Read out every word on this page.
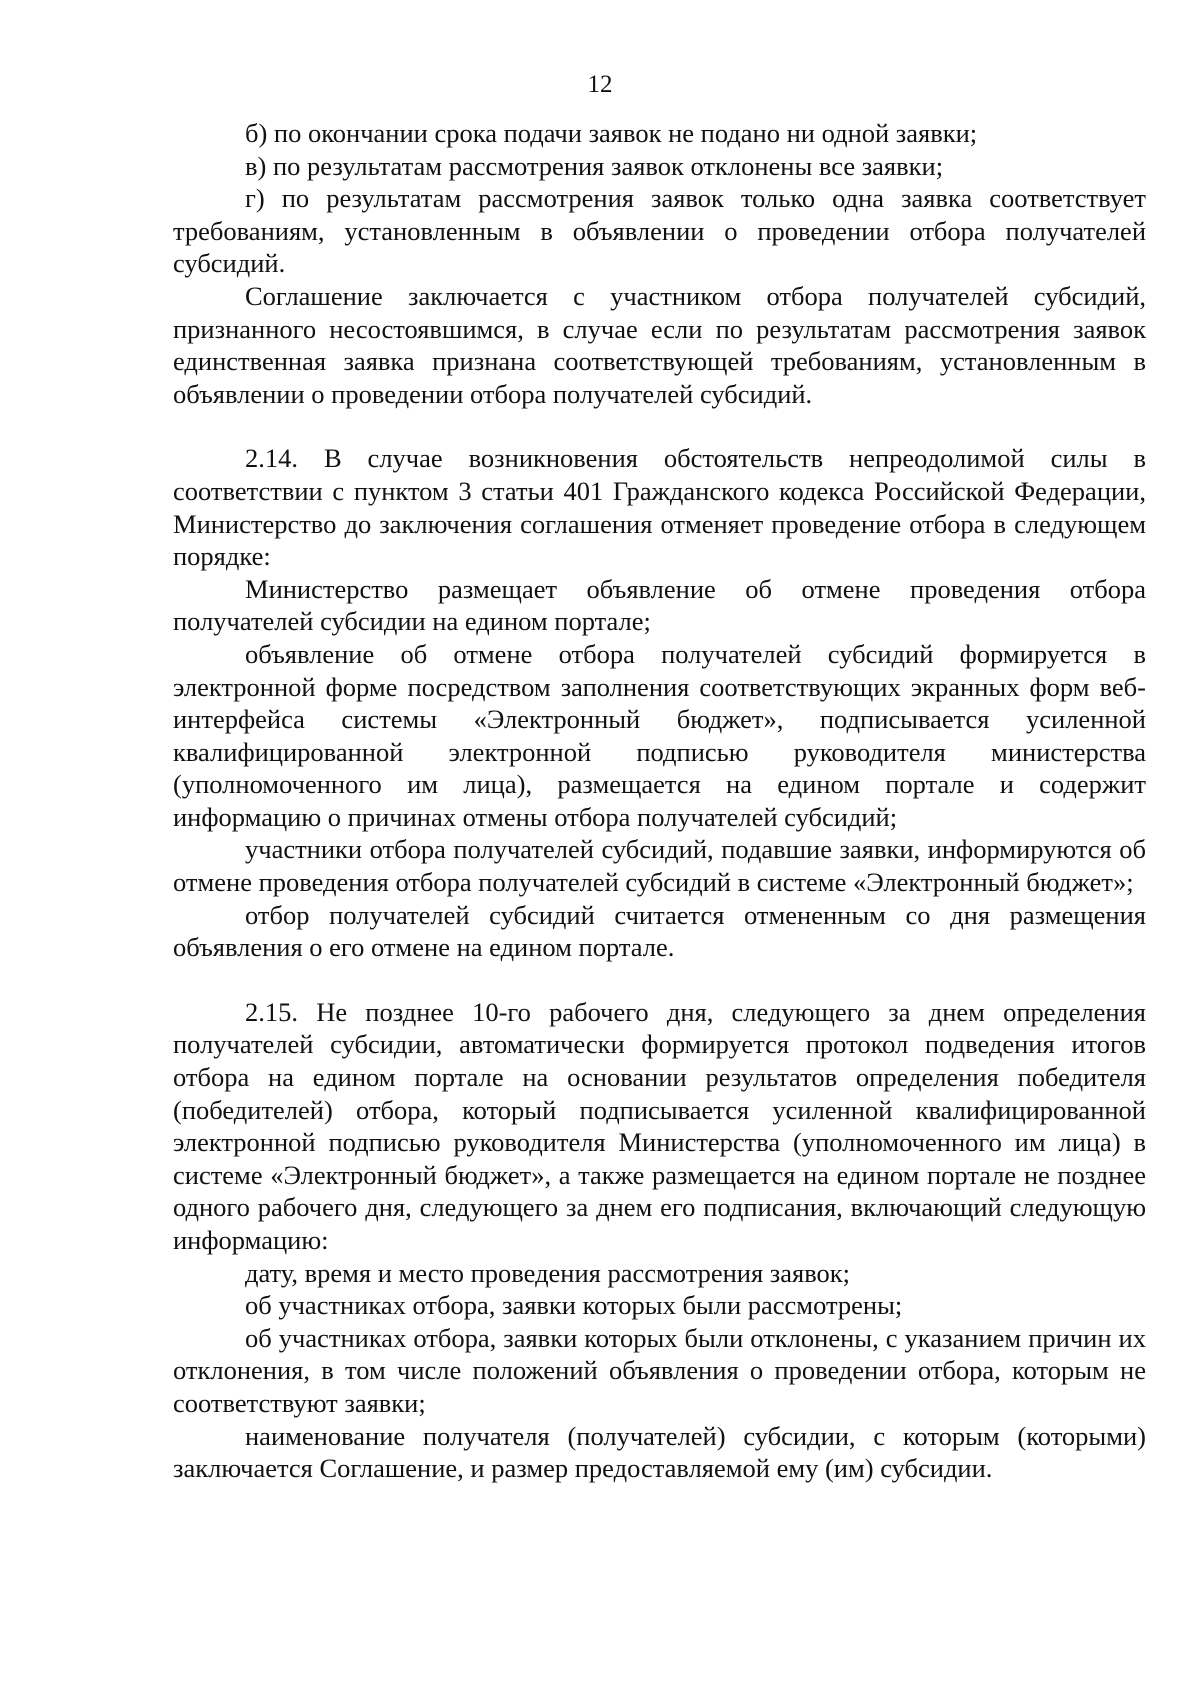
12

б) по окончании срока подачи заявок не подано ни одной заявки;

в) по результатам рассмотрения заявок отклонены все заявки;

г) по результатам рассмотрения заявок только одна заявка соответствует требованиям, установленным в объявлении о проведении отбора получателей субсидий.

Соглашение заключается с участником отбора получателей субсидий, признанного несостоявшимся, в случае если по результатам рассмотрения заявок единственная заявка признана соответствующей требованиям, установленным в объявлении о проведении отбора получателей субсидий.

2.14. В случае возникновения обстоятельств непреодолимой силы в соответствии с пунктом 3 статьи 401 Гражданского кодекса Российской Федерации, Министерство до заключения соглашения отменяет проведение отбора в следующем порядке:

Министерство размещает объявление об отмене проведения отбора получателей субсидии на едином портале;

объявление об отмене отбора получателей субсидий формируется в электронной форме посредством заполнения соответствующих экранных форм веб-интерфейса системы «Электронный бюджет», подписывается усиленной квалифицированной электронной подписью руководителя министерства (уполномоченного им лица), размещается на едином портале и содержит информацию о причинах отмены отбора получателей субсидий;

участники отбора получателей субсидий, подавшие заявки, информируются об отмене проведения отбора получателей субсидий в системе «Электронный бюджет»;

отбор получателей субсидий считается отмененным со дня размещения объявления о его отмене на едином портале.

2.15. Не позднее 10-го рабочего дня, следующего за днем определения получателей субсидии, автоматически формируется протокол подведения итогов отбора на едином портале на основании результатов определения победителя (победителей) отбора, который подписывается усиленной квалифицированной электронной подписью руководителя Министерства (уполномоченного им лица) в системе «Электронный бюджет», а также размещается на едином портале не позднее одного рабочего дня, следующего за днем его подписания, включающий следующую информацию:

дату, время и место проведения рассмотрения заявок;

об участниках отбора, заявки которых были рассмотрены;

об участниках отбора, заявки которых были отклонены, с указанием причин их отклонения, в том числе положений объявления о проведении отбора, которым не соответствуют заявки;

наименование получателя (получателей) субсидии, с которым (которыми) заключается Соглашение, и размер предоставляемой ему (им) субсидии.
